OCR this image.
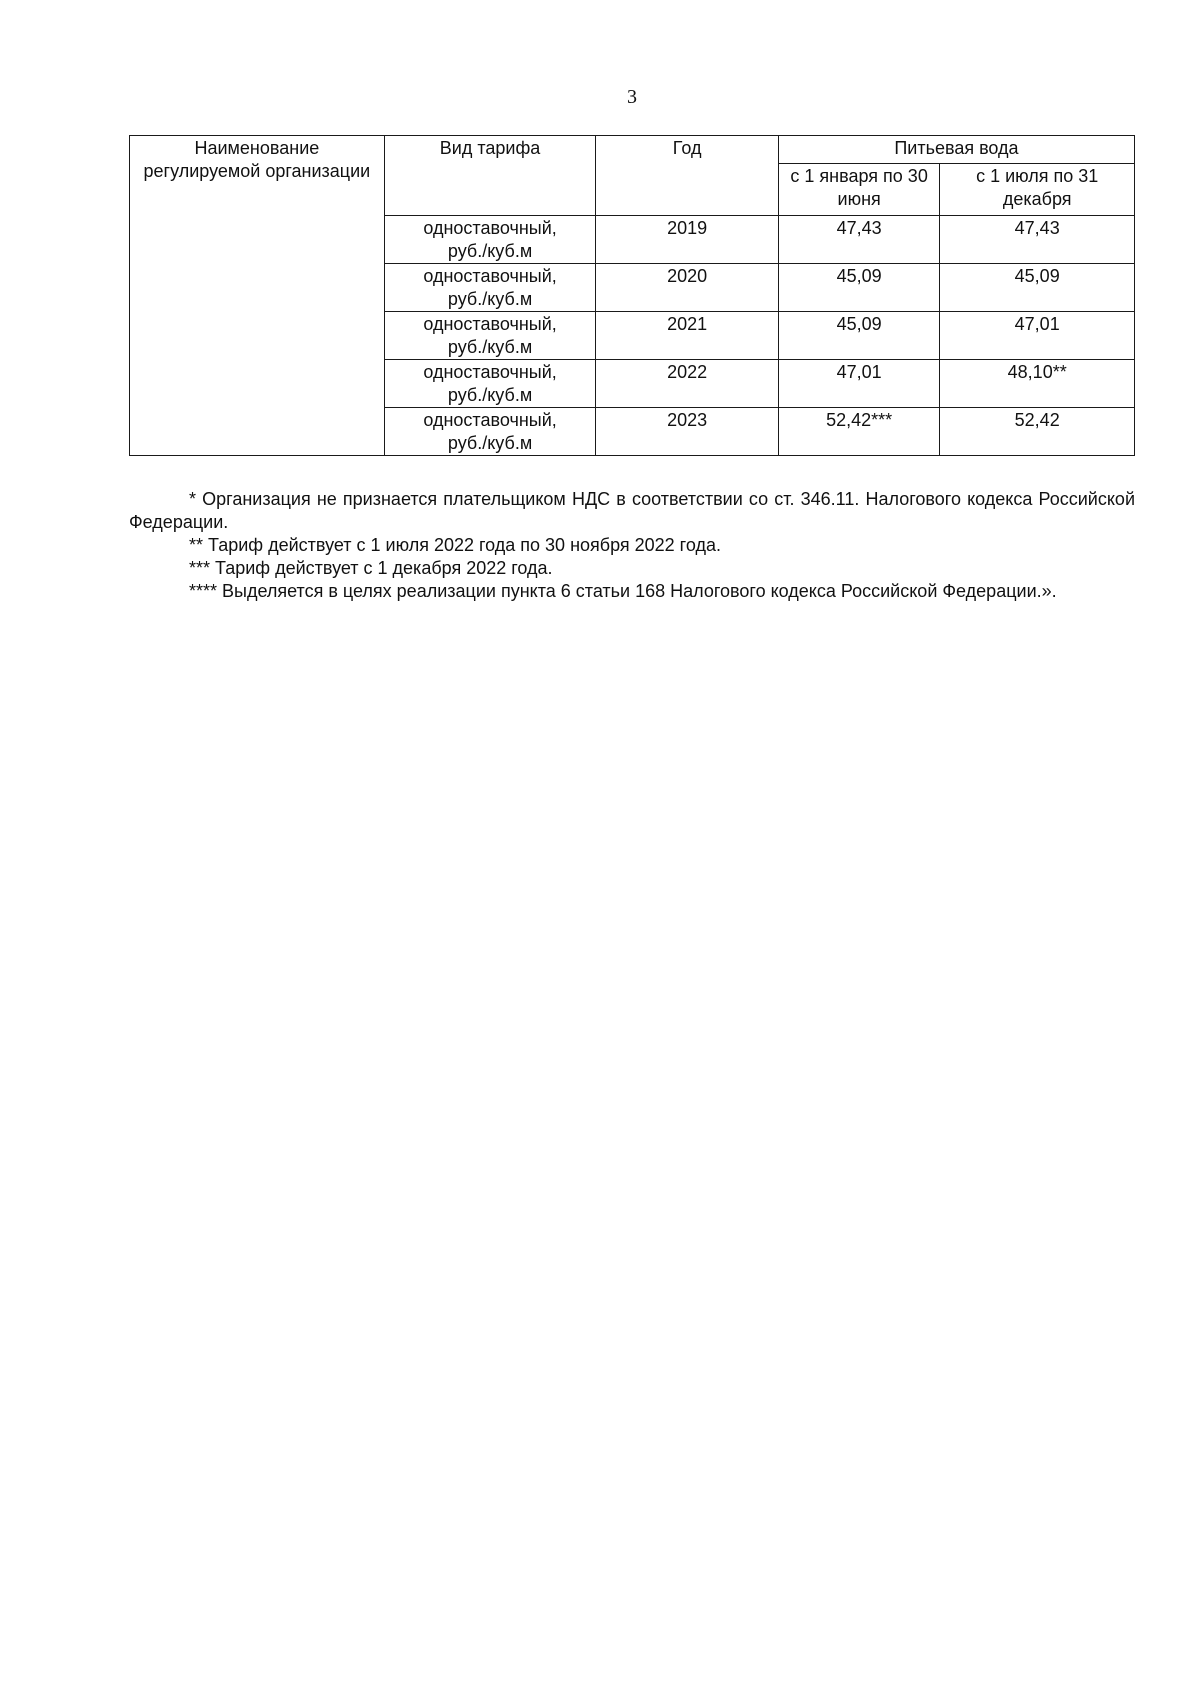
3
Наименование регулируемой организации	Вид тарифа	Год	Питьевая вода	
			с 1 января по 30 июня	с 1 июля по 31 декабря

	одноставочный,
руб./куб.м	2019	47,43	47,43

	одноставочный,
руб./куб.м	2020	45,09	45,09

	одноставочный,
руб./куб.м	2021	45,09	47,01

	одноставочный,
руб./куб.м	2022	47,01	48,10**

	одноставочный,
руб./куб.м	2023	52,42***	52,42

* Организация не признается плательщиком НДС в соответствии со ст. 346.11. Налогового кодекса Российской Федерации.

** Тариф действует с 1 июля 2022 года по 30 ноября 2022 года.

*** Тариф действует с 1 декабря 2022 года.

**** Выделяется в целях реализации пункта 6 статьи 168 Налогового кодекса Российской Федерации.».
